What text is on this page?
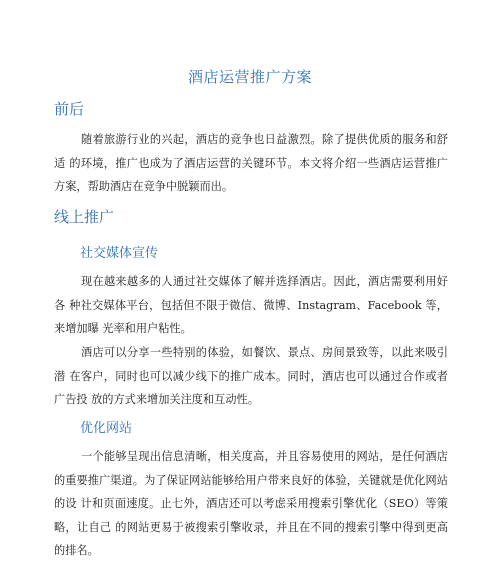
酒店运营推广方案
前后
随着旅游行业的兴起，酒店的竞争也日益激烈。除了提供优质的服务和舒适 的环境，推广也成为了酒店运营的关键环节。本文将介绍一些酒店运营推广方案，帮助酒店在竞争中脱颖而出。
线上推广
社交媒体宣传
现在越来越多的人通过社交媒体了解并选择酒店。因此，酒店需要利用好各 种社交媒体平台，包括但不限于微信、微博、Instagram、Facebook 等，来增加曝 光率和用户粘性。
酒店可以分享一些特别的体验，如餐饮、景点、房间景致等，以此来吸引潜 在客户，同时也可以减少线下的推广成本。同时，酒店也可以通过合作或者广告投 放的方式来增加关注度和互动性。
优化网站
一个能够呈现出信息清晰，相关度高，并且容易使用的网站，是任何酒店的重要推广渠道。为了保证网站能够给用户带来良好的体验，关键就是优化网站的设 计和页面速度。止七外，酒店还可以考虑采用搜索引擎优化（SEO）等策略，让自己 的网站更易于被搜索引擎收录，并且在不同的搜索引擎中得到更高的排名。
